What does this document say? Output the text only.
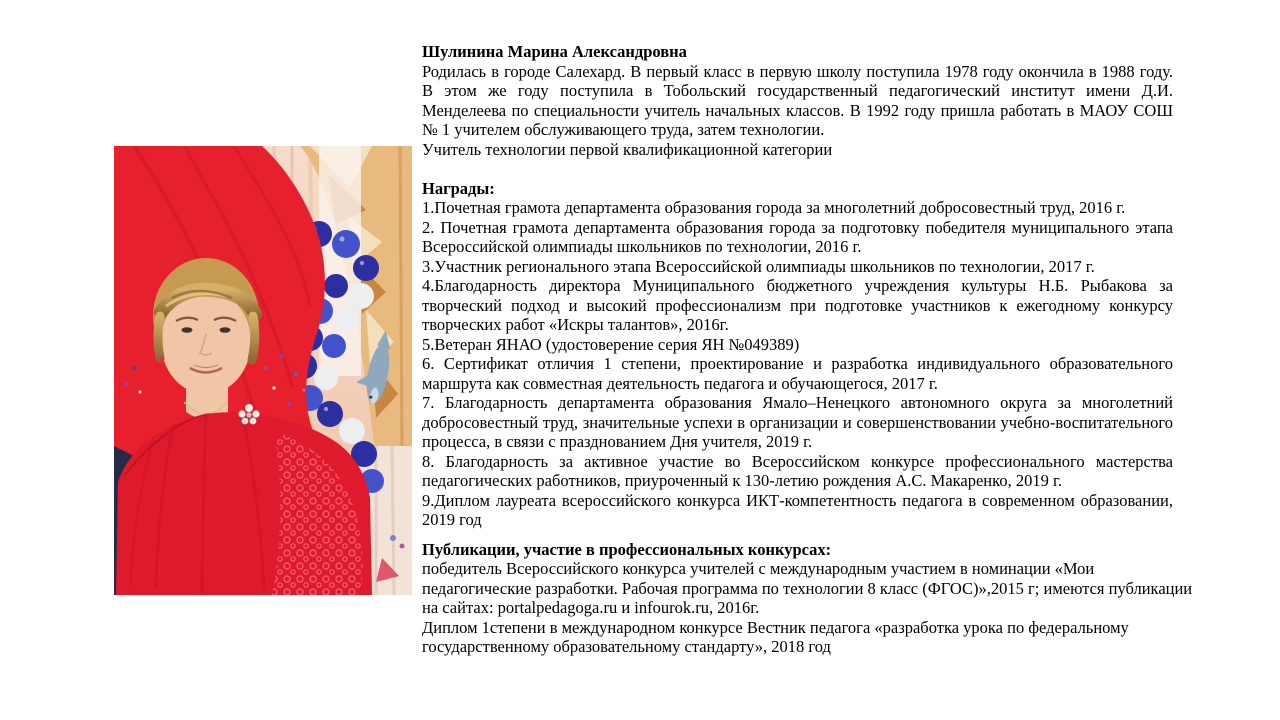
Шулинина Марина Александровна

Родилась в городе Салехард. В первый класс в первую школу поступила 1978 году окончила в 1988 году. В этом же году поступила в Тобольский государственный педагогический институт имени Д.И. Менделеева по специальности учитель начальных классов. В 1992 году пришла работать в МАОУ СОШ № 1 учителем обслуживающего труда, затем технологии.

Учитель технологии первой квалификационной категории

Награды:

1.Почетная грамота департамента образования города за многолетний добросовестный труд, 2016 г.

2. Почетная грамота департамента образования города за подготовку победителя муниципального этапа Всероссийской олимпиады школьников по технологии, 2016 г.

3.Участник регионального этапа Всероссийской олимпиады школьников по технологии, 2017 г.

4.Благодарность директора Муниципального бюджетного учреждения культуры Н.Б. Рыбакова за творческий подход и высокий профессионализм при подготовке участников к ежегодному конкурсу творческих работ «Искры талантов», 2016г.

5.Ветеран ЯНАО (удостоверение серия ЯН №049389)

6. Сертификат отличия 1 степени, проектирование и разработка индивидуального образовательного маршрута как совместная деятельность педагога и обучающегося, 2017 г.

7. Благодарность департамента образования Ямало–Ненецкого автономного округа за многолетний добросовестный труд, значительные успехи в организации и совершенствовании учебно-воспитательного процесса, в связи с празднованием Дня учителя, 2019 г.

8. Благодарность за активное участие во Всероссийском конкурсе профессионального мастерства педагогических работников, приуроченный к 130-летию рождения А.С. Макаренко, 2019 г.

9.Диплом лауреата всероссийского конкурса ИКТ-компетентность педагога в современном образовании, 2019 год

Публикации, участие в профессиональных конкурсах:

победитель Всероссийского конкурса учителей с международным участием в номинации «Мои педагогические разработки. Рабочая программа по технологии 8 класс (ФГОС)»,2015 г; имеются публикации на сайтах: portalpedagoga.ru и infourok.ru, 2016г.

Диплом 1степени в международном конкурсе Вестник педагога «разработка урока по федеральному государственному образовательному стандарту», 2018 год
